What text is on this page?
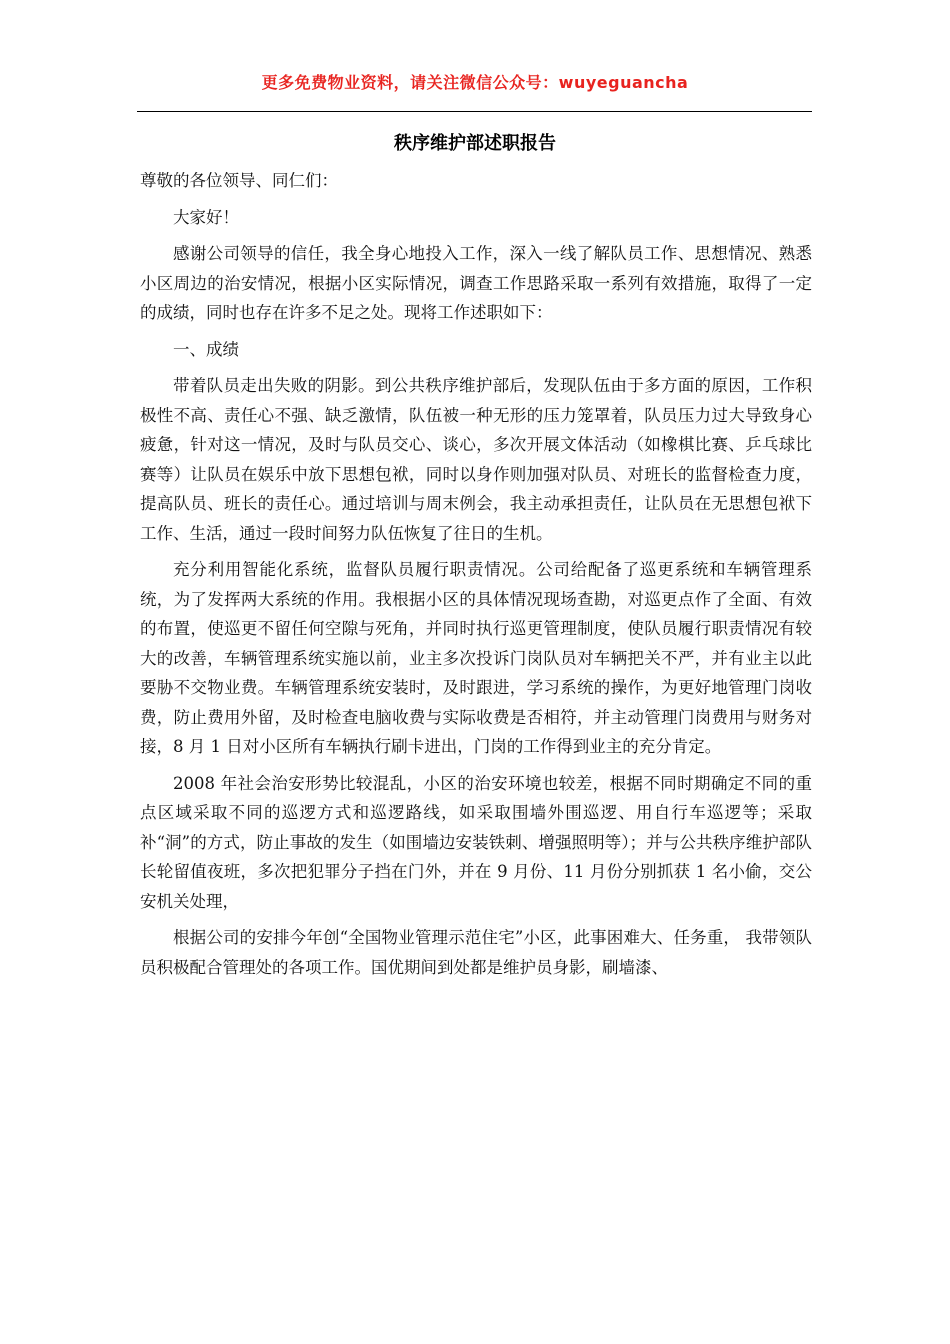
更多免费物业资料，请关注微信公众号：wuyeguancha
秩序维护部述职报告

尊敬的各位领导、同仁们：

大家好！

感谢公司领导的信任，我全身心地投入工作，深入一线了解队员工作、思想情况、熟悉小区周边的治安情况，根据小区实际情况，调查工作思路采取一系列有效措施，取得了一定的成绩，同时也存在许多不足之处。现将工作述职如下：

一、成绩

带着队员走出失败的阴影。到公共秩序维护部后，发现队伍由于多方面的原因，工作积极性不高、责任心不强、缺乏激情，队伍被一种无形的压力笼罩着，队员压力过大导致身心疲惫，针对这一情况，及时与队员交心、谈心，多次开展文体活动（如橡棋比赛、乒乓球比赛等）让队员在娱乐中放下思想包袱，同时以身作则加强对队员、对班长的监督检查力度，提高队员、班长的责任心。通过培训与周末例会，我主动承担责任，让队员在无思想包袱下工作、生活，通过一段时间努力队伍恢复了往日的生机。

充分利用智能化系统，监督队员履行职责情况。公司给配备了巡更系统和车辆管理系统，为了发挥两大系统的作用。我根据小区的具体情况现场查勘，对巡更点作了全面、有效的布置，使巡更不留任何空隙与死角，并同时执行巡更管理制度，使队员履行职责情况有较大的改善，车辆管理系统实施以前，业主多次投诉门岗队员对车辆把关不严，并有业主以此要胁不交物业费。车辆管理系统安装时，及时跟进，学习系统的操作，为更好地管理门岗收费，防止费用外留，及时检查电脑收费与实际收费是否相符，并主动管理门岗费用与财务对接，8 月 1 日对小区所有车辆执行刷卡进出，门岗的工作得到业主的充分肯定。

2008 年社会治安形势比较混乱，小区的治安环境也较差，根据不同时期确定不同的重点区域采取不同的巡逻方式和巡逻路线，如采取围墙外围巡逻、用自行车巡逻等；采取补“洞”的方式，防止事故的发生（如围墙边安装铁刺、增强照明等）；并与公共秩序维护部队长轮留值夜班，多次把犯罪分子挡在门外，并在 9 月份、11 月份分别抓获 1 名小偷，交公安机关处理，

根据公司的安排今年创“全国物业管理示范住宅”小区，此事困难大、任务重， 我带领队员积极配合管理处的各项工作。国优期间到处都是维护员身影，刷墙漆、
